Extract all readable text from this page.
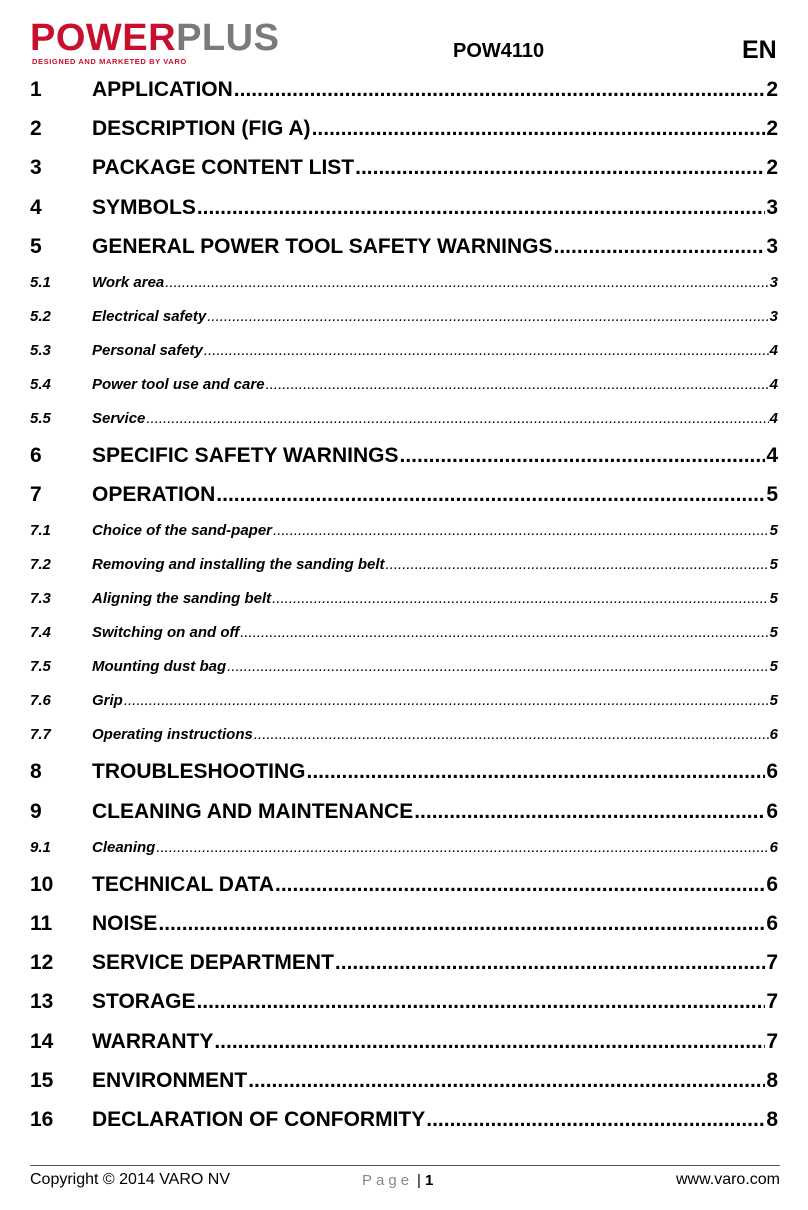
POWERPLUS
DESIGNED AND MARKETED BY VARO	POW4110	EN
1	APPLICATION .....	2
2	DESCRIPTION (FIG A) .....	2
3	PACKAGE CONTENT LIST .....	2
4	SYMBOLS .....	3
5	GENERAL POWER TOOL SAFETY WARNINGS .....	3
5.1	Work area .....	3
5.2	Electrical safety .....	3
5.3	Personal safety .....	4
5.4	Power tool use and care .....	4
5.5	Service .....	4
6	SPECIFIC SAFETY WARNINGS .....	4
7	OPERATION .....	5
7.1	Choice of the sand-paper .....	5
7.2	Removing and installing the sanding belt .....	5
7.3	Aligning the sanding belt .....	5
7.4	Switching on and off .....	5
7.5	Mounting dust bag .....	5
7.6	Grip .....	5
7.7	Operating instructions .....	6
8	TROUBLESHOOTING .....	6
9	CLEANING AND MAINTENANCE .....	6
9.1	Cleaning .....	6
10	TECHNICAL DATA .....	6
11	NOISE .....	6
12	SERVICE DEPARTMENT .....	7
13	STORAGE .....	7
14	WARRANTY .....	7
15	ENVIRONMENT .....	8
16	DECLARATION OF CONFORMITY .....	8
Copyright © 2014 VARO NV	Page | 1	www.varo.com
